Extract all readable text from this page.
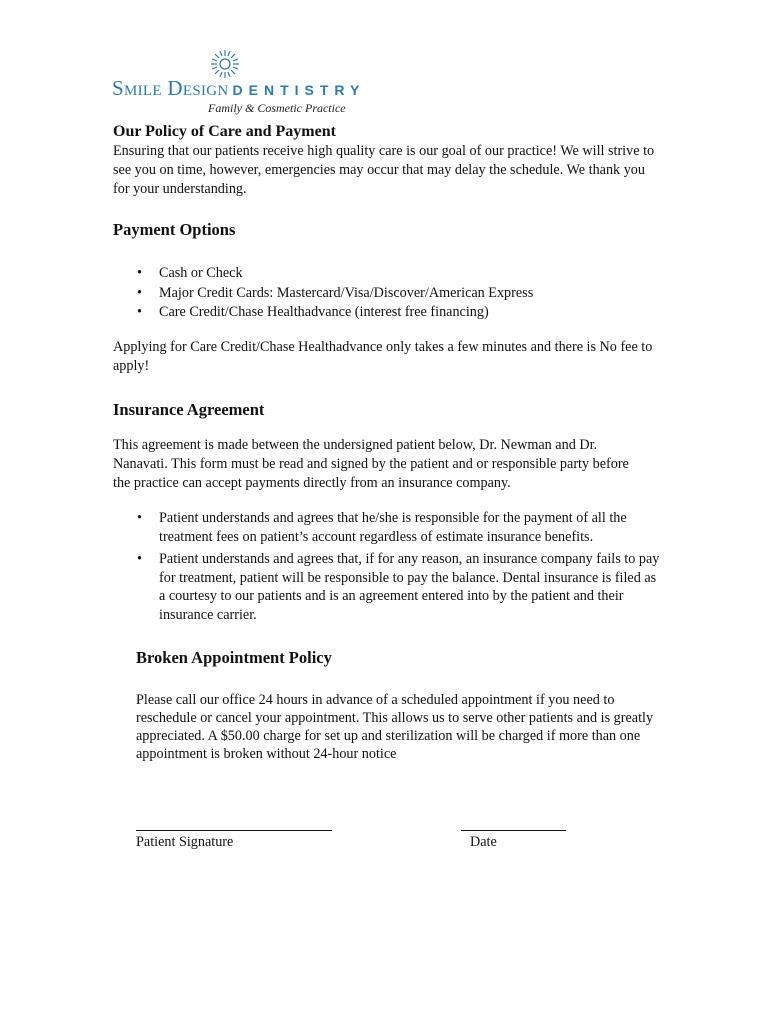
Smile Design DENTISTRY
Family & Cosmetic Practice
Our Policy of Care and Payment

Ensuring that our patients receive high quality care is our goal of our practice! We will strive to see you on time, however, emergencies may occur that may delay the schedule. We thank you for your understanding.

Payment Options
• Cash or Check
• Major Credit Cards: Mastercard/Visa/Discover/American Express
• Care Credit/Chase Healthadvance (interest free financing)

Applying for Care Credit/Chase Healthadvance only takes a few minutes and there is No fee to apply!

Insurance Agreement

This agreement is made between the undersigned patient below, Dr. Newman and Dr. Nanavati. This form must be read and signed by the patient and or responsible party before the practice can accept payments directly from an insurance company.

• Patient understands and agrees that he/she is responsible for the payment of all the treatment fees on patient’s account regardless of estimate insurance benefits.
• Patient understands and agrees that, if for any reason, an insurance company fails to pay for treatment, patient will be responsible to pay the balance. Dental insurance is filed as a courtesy to our patients and is an agreement entered into by the patient and their insurance carrier.
Broken Appointment Policy

Please call our office 24 hours in advance of a scheduled appointment if you need to reschedule or cancel your appointment. This allows us to serve other patients and is greatly appreciated. A $50.00 charge for set up and sterilization will be charged if more than one appointment is broken without 24-hour notice

Patient Signature	Date
